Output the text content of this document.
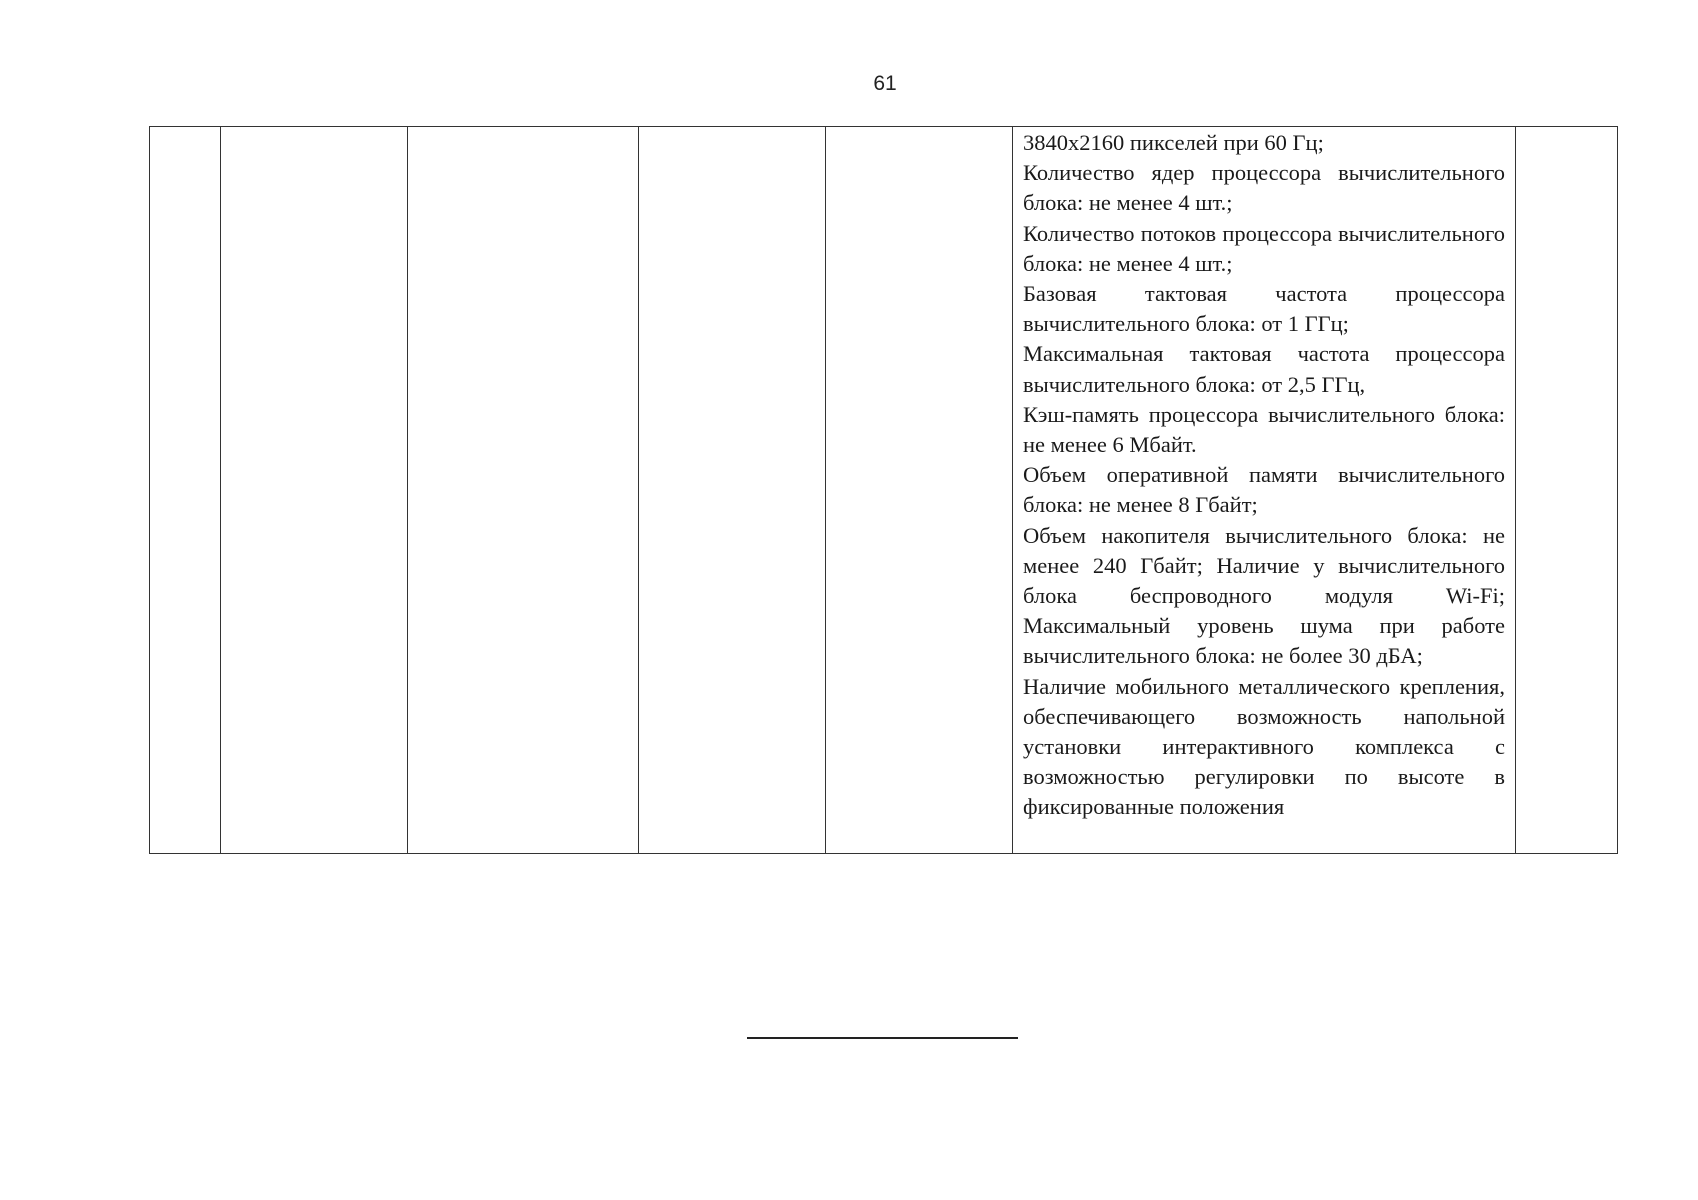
61

3840x2160 пикселей при 60 Гц;
Количество ядер процессора вычислительного блока: не менее 4 шт.;
Количество потоков процессора вычислительного блока: не менее 4 шт.;
Базовая тактовая частота процессора вычислительного блока: от 1 ГГц;
Максимальная тактовая частота процессора вычислительного блока: от 2,5 ГГц,
Кэш-память процессора вычислительного блока: не менее 6 Мбайт.
Объем оперативной памяти вычислительного блока: не менее 8 Гбайт;
Объем накопителя вычислительного блока: не менее 240 Гбайт; Наличие у вычислительного блока беспроводного модуля Wi-Fi; Максимальный уровень шума при работе вычислительного блока: не более 30 дБА;
Наличие мобильного металлического крепления, обеспечивающего возможность напольной установки интерактивного комплекса с возможностью регулировки по высоте в фиксированные положения
